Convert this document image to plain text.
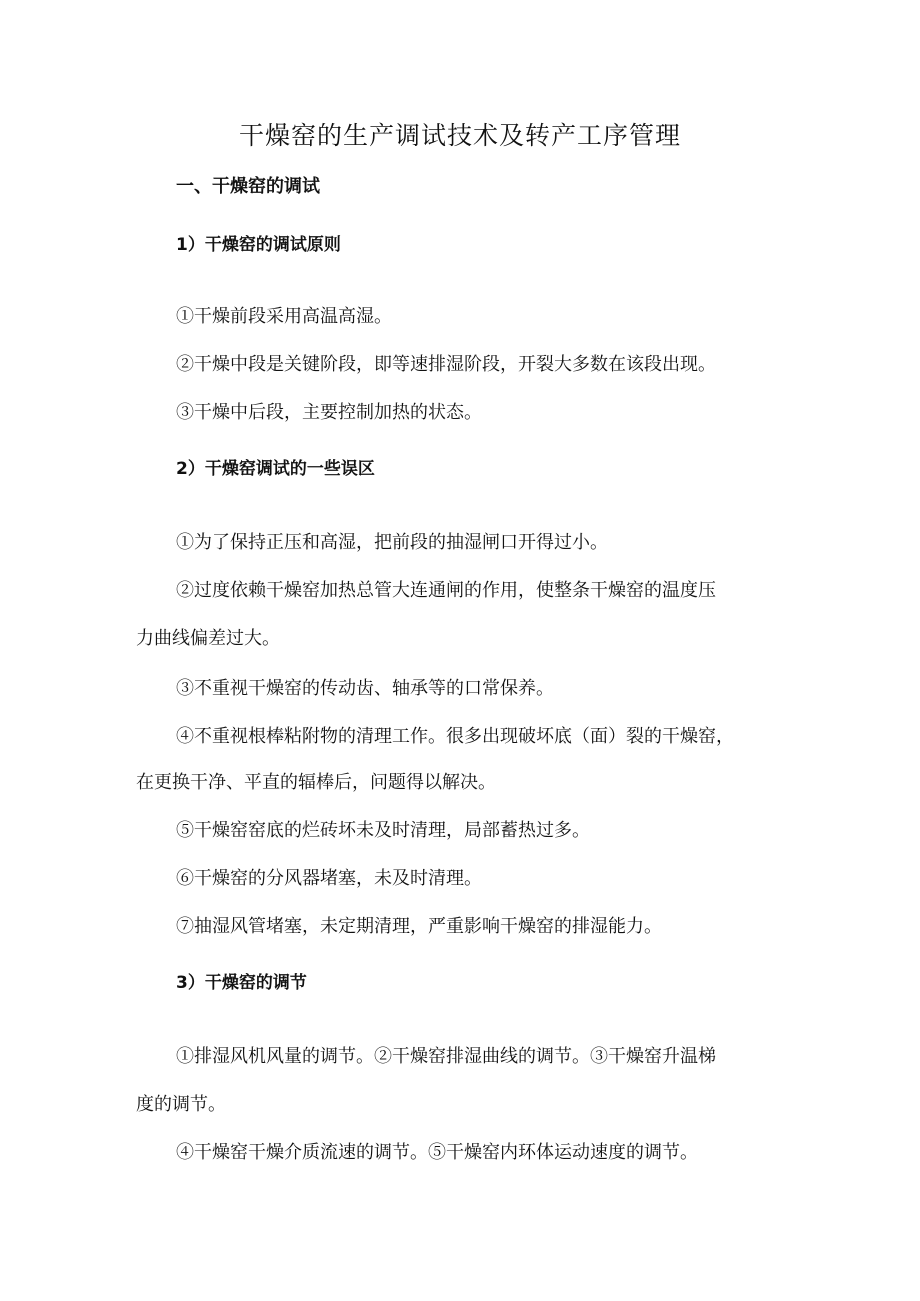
干燥窑的生产调试技术及转产工序管理
一、干燥窑的调试
1）干燥窑的调试原则

①干燥前段采用高温高湿。

②干燥中段是关键阶段，即等速排湿阶段，开裂大多数在该段出现。

③干燥中后段，主要控制加热的状态。

2）干燥窑调试的一些误区

①为了保持正压和高湿，把前段的抽湿闸口开得过小。

②过度依赖干燥窑加热总管大连通闸的作用，使整条干燥窑的温度压

力曲线偏差过大。

③不重视干燥窑的传动齿、轴承等的口常保养。

④不重视根棒粘附物的清理工作。很多出现破坏底（面）裂的干燥窑，

在更换干净、平直的辐棒后，问题得以解决。

⑤干燥窑窑底的烂砖坏未及时清理，局部蓄热过多。

⑥干燥窑的分风器堵塞，未及时清理。

⑦抽湿风管堵塞，未定期清理，严重影响干燥窑的排湿能力。

3）干燥窑的调节

①排湿风机风量的调节。②干燥窑排湿曲线的调节。③干燥窑升温梯

度的调节。

④干燥窑干燥介质流速的调节。⑤干燥窑内环体运动速度的调节。
